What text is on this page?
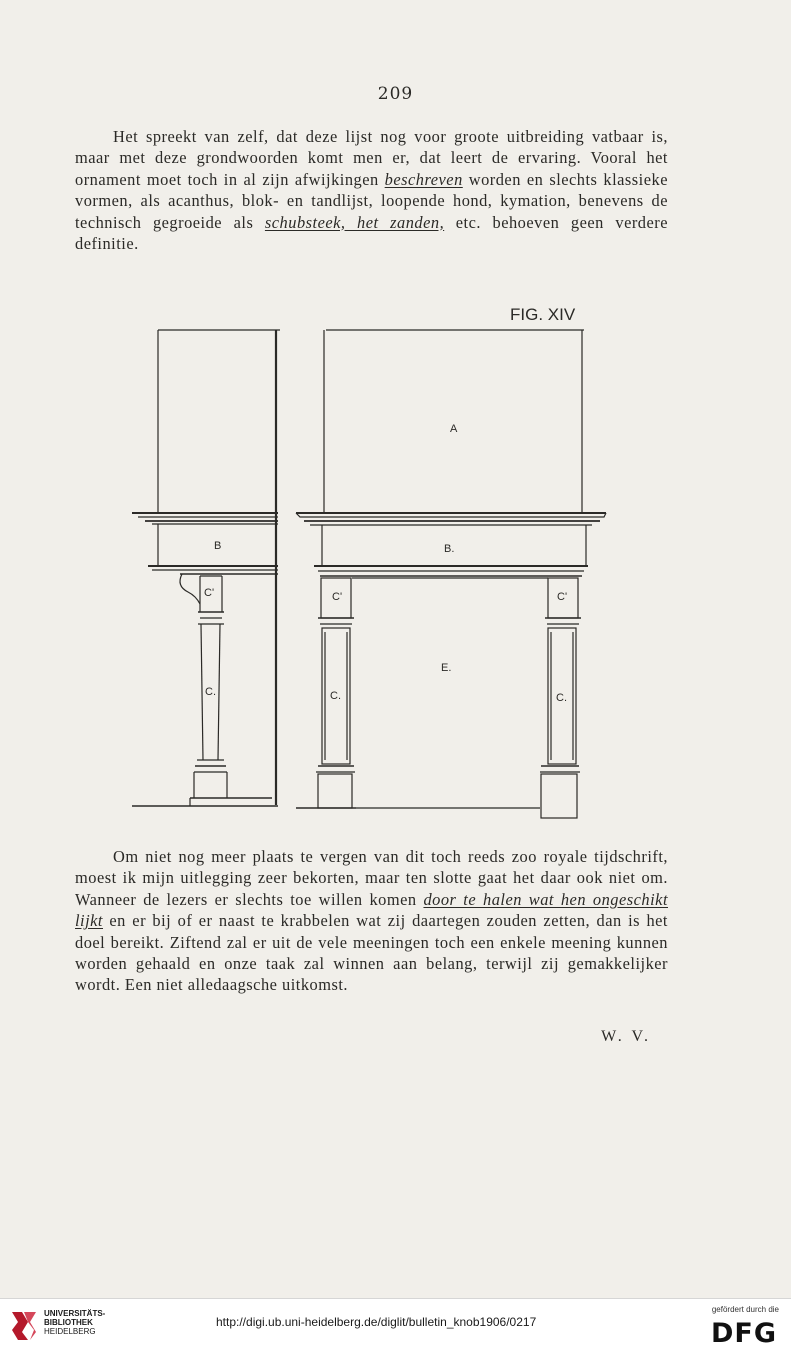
209

Het spreekt van zelf, dat deze lijst nog voor groote uitbreiding vatbaar is, maar met deze grondwoorden komt men er, dat leert de ervaring. Vooral het ornament moet toch in al zijn afwijkingen beschreven worden en slechts klassieke vormen, als acanthus, blok- en tandlijst, loopende hond, kymation, benevens de technisch gegroeide als schubsteek, het zanden, etc. behoeven geen verdere definitie.

FIG. XIV
A
B	B.
C'	C'	C'
C.	C.	C.
E.

Om niet nog meer plaats te vergen van dit toch reeds zoo royale tijdschrift, moest ik mijn uitlegging zeer bekorten, maar ten slotte gaat het daar ook niet om. Wanneer de lezers er slechts toe willen komen door te halen wat hen ongeschikt lijkt en er bij of er naast te krabbelen wat zij daartegen zouden zetten, dan is het doel bereikt. Ziftend zal er uit de vele meeningen toch een enkele meening kunnen worden gehaald en onze taak zal winnen aan belang, terwijl zij gemakkelijker wordt. Een niet alledaagsche uitkomst.

W. V.
UNIVERSITÄTS-
BIBLIOTHEK
HEIDELBERG
http://digi.ub.uni-heidelberg.de/diglit/bulletin_knob1906/0217
gefördert durch die
DFG
